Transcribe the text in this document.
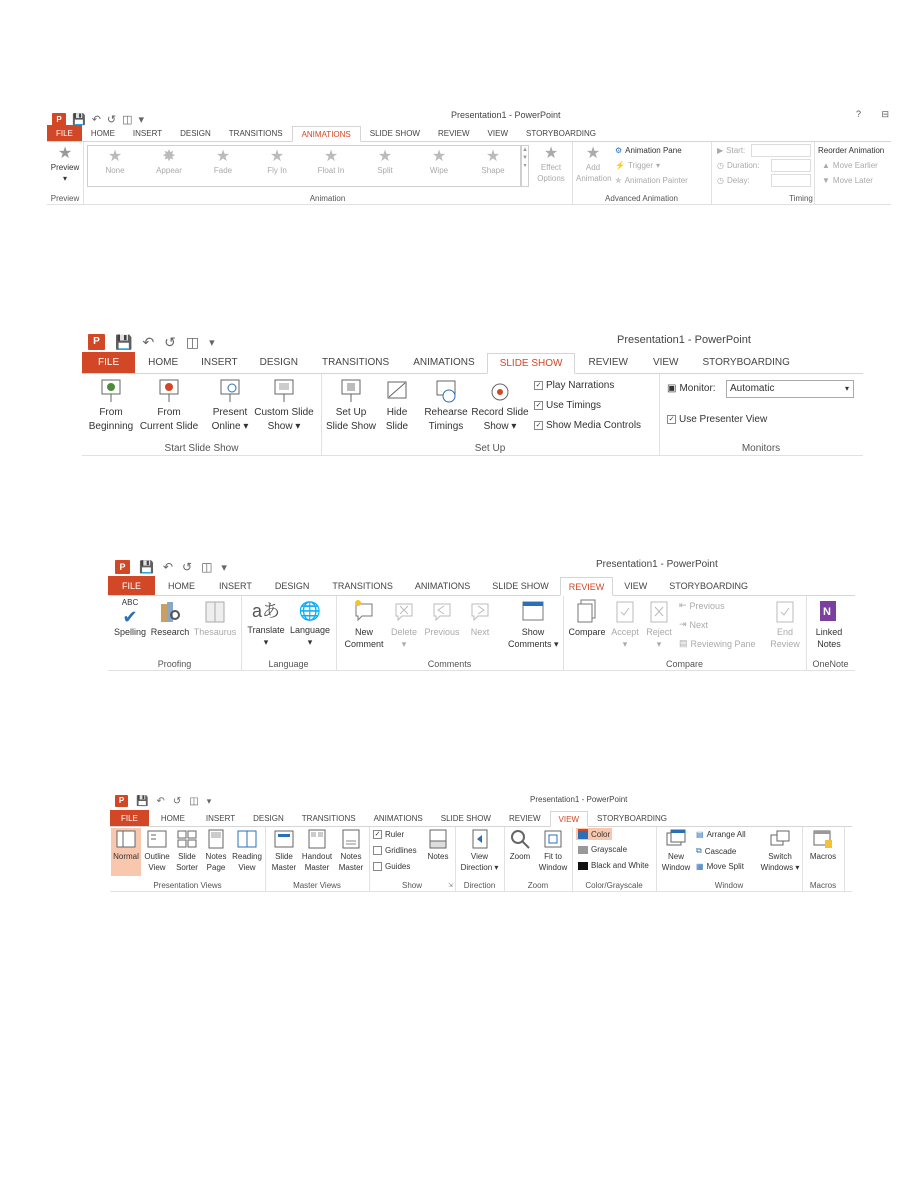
P 💾 ↶ ↺ ◫ ▾	Presentation1 - PowerPoint	? ⊟
FILE	HOME	INSERT	DESIGN	TRANSITIONS	ANIMATIONS	SLIDE SHOW	REVIEW	VIEW	STORYBOARDING
★
Preview
▾
Preview
★
None
✸
Appear
★
Fade
★
Fly In
★
Float In
★
Split
★
Wipe
★
Shape
▲
▼
▾
★
Effect Options
Animation
★
Add Animation
⚙ Animation Pane
⚡ Trigger ▾
✯ Animation Painter
Advanced Animation
▶ Start:
◷ Duration:
◷ Delay:
Reorder Animation
▲ Move Earlier
▼ Move Later
Timing
P	💾 ↶ ↺ ◫ ▾	Presentation1 - PowerPoint
FILE	HOME	INSERT	DESIGN	TRANSITIONS	ANIMATIONS	SLIDE SHOW	REVIEW	VIEW	STORYBOARDING
From
Beginning
From
Current Slide
Present
Online ▾
Custom Slide
Show ▾
Start Slide Show
Set Up
Slide Show
Hide
Slide
Rehearse
Timings
Record Slide
Show ▾
✓ Play Narrations
✓ Use Timings
✓ Show Media Controls
Set Up
▣ Monitor:	Automatic	▾
✓ Use Presenter View
Monitors
P	💾 ↶ ↺ ◫ ▾	Presentation1 - PowerPoint
FILE	HOME	INSERT	DESIGN	TRANSITIONS	ANIMATIONS	SLIDE SHOW	REVIEW	VIEW	STORYBOARDING
ABC
✔
Spelling Research Thesaurus
Proofing
aあ
Translate
▾
🌐
Language
▾
Language
New
Comment
Delete
▾
Previous	Next	Show
Comments ▾
Comments
Compare Accept
▾
Reject
▾
⇤ Previous
⇥ Next
▤ Reviewing Pane
End
Review
Compare
N
Linked
Notes
OneNote
P	💾 ↶ ↺ ◫ ▾	Presentation1 - PowerPoint
FILE	HOME	INSERT	DESIGN	TRANSITIONS	ANIMATIONS	SLIDE SHOW	REVIEW	VIEW	STORYBOARDING
Normal Outline
View
Slide
Sorter
Notes
Page
Reading
View
Presentation Views
Slide
Master
Handout
Master
Notes
Master
Master Views
✓ Ruler
Gridlines
Guides
Notes
Show	⇲
View
Direction ▾
Direction
Zoom	Fit to
Window
Zoom
Color
Grayscale
Black and White
Color/Grayscale
New
Window
▤ Arrange All
⧉ Cascade
▦ Move Split
Switch
Windows ▾
Window
Macros
Macros
